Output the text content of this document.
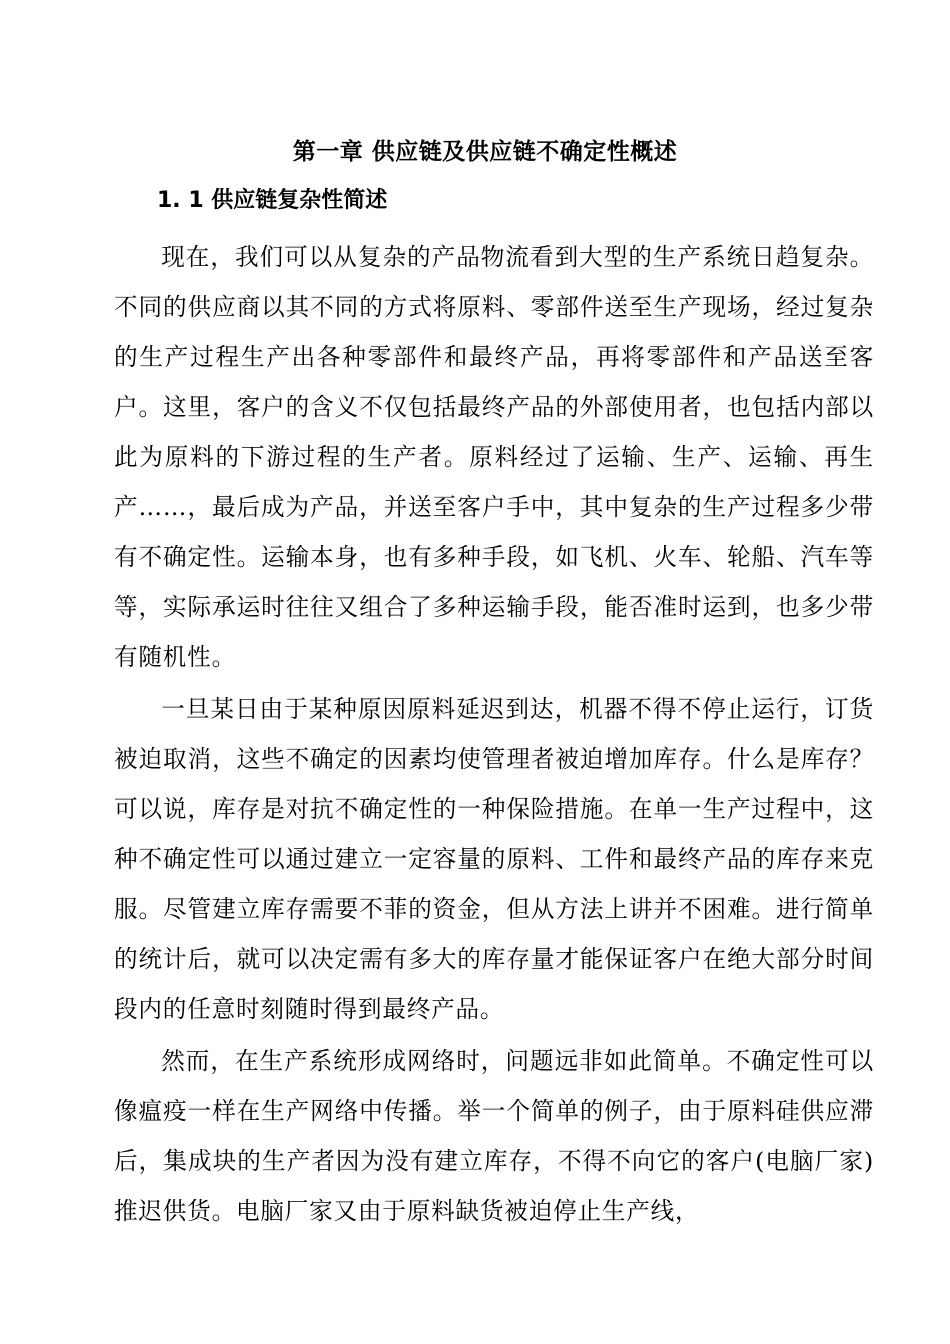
第一章 供应链及供应链不确定性概述
1. 1 供应链复杂性简述

现在，我们可以从复杂的产品物流看到大型的生产系统日趋复杂。不同的供应商以其不同的方式将原料、零部件送至生产现场，经过复杂的生产过程生产出各种零部件和最终产品，再将零部件和产品送至客户。这里，客户的含义不仅包括最终产品的外部使用者，也包括内部以此为原料的下游过程的生产者。原料经过了运输、生产、运输、再生产……，最后成为产品，并送至客户手中，其中复杂的生产过程多少带有不确定性。运输本身，也有多种手段，如飞机、火车、轮船、汽车等等，实际承运时往往又组合了多种运输手段，能否准时运到，也多少带有随机性。

一旦某日由于某种原因原料延迟到达，机器不得不停止运行，订货被迫取消，这些不确定的因素均使管理者被迫增加库存。什么是库存？可以说，库存是对抗不确定性的一种保险措施。在单一生产过程中，这种不确定性可以通过建立一定容量的原料、工件和最终产品的库存来克服。尽管建立库存需要不菲的资金，但从方法上讲并不困难。进行简单的统计后，就可以决定需有多大的库存量才能保证客户在绝大部分时间段内的任意时刻随时得到最终产品。

然而，在生产系统形成网络时，问题远非如此简单。不确定性可以像瘟疫一样在生产网络中传播。举一个简单的例子，由于原料硅供应滞后，集成块的生产者因为没有建立库存，不得不向它的客户(电脑厂家)推迟供货。电脑厂家又由于原料缺货被迫停止生产线，
